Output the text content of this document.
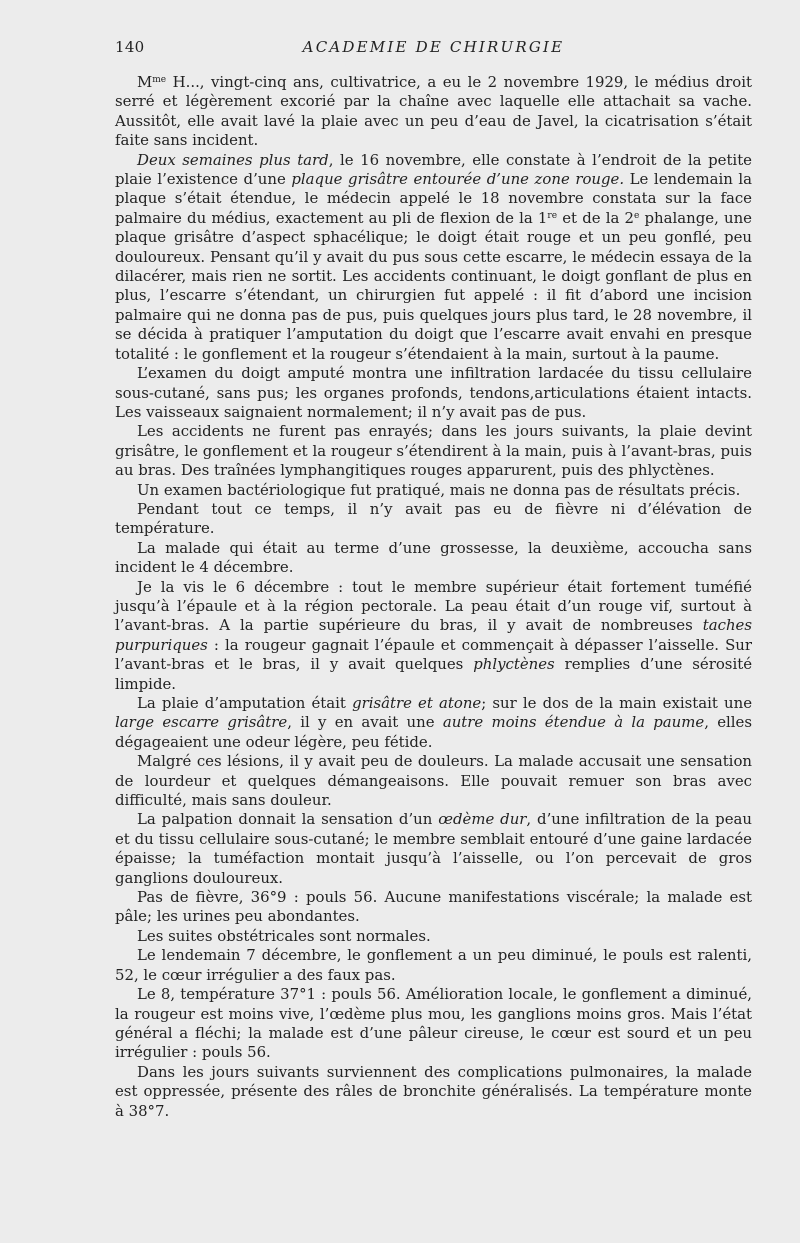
140	ACADEMIE DE CHIRURGIE

$M^{me}$ H..., vingt-cinq ans, cultivatrice, a eu le 2 novembre 1929, le médius droit serré et légèrement excorié par la chaîne avec laquelle elle attachait sa vache. Aussitôt, elle avait lavé la plaie avec un peu d’eau de Javel, la cicatrisation s’était faite sans incident.

Deux semaines plus tard, le 16 novembre, elle constate à l’endroit de la petite plaie l’existence d’une plaque grisâtre entourée d’une zone rouge. Le lendemain la plaque s’était étendue, le médecin appelé le 18 novembre constata sur la face palmaire du médius, exactement au pli de flexion de la 1re et de la 2e phalange, une plaque grisâtre d’aspect sphacélique; le doigt était rouge et un peu gonflé, peu douloureux. Pensant qu’il y avait du pus sous cette escarre, le médecin essaya de la dilacérer, mais rien ne sortit. Les accidents continuant, le doigt gonflant de plus en plus, l’escarre s’étendant, un chirurgien fut appelé : il fit d’abord une incision palmaire qui ne donna pas de pus, puis quelques jours plus tard, le 28 novembre, il se décida à pratiquer l’amputation du doigt que l’escarre avait envahi en presque totalité : le gonflement et la rougeur s’étendaient à la main, surtout à la paume.

L’examen du doigt amputé montra une infiltration lardacée du tissu cellulaire sous-cutané, sans pus; les organes profonds, tendons,articulations étaient intacts. Les vaisseaux saignaient normalement; il n’y avait pas de pus.

Les accidents ne furent pas enrayés; dans les jours suivants, la plaie devint grisâtre, le gonflement et la rougeur s’étendirent à la main, puis à l’avant-bras, puis au bras. Des traînées lymphangitiques rouges apparurent, puis des phlyctènes.

Un examen bactériologique fut pratiqué, mais ne donna pas de résultats précis.

Pendant tout ce temps, il n’y avait pas eu de fièvre ni d’élévation de température.

La malade qui était au terme d’une grossesse, la deuxième, accoucha sans incident le 4 décembre.

Je la vis le 6 décembre : tout le membre supérieur était fortement tuméfié jusqu’à l’épaule et à la région pectorale. La peau était d’un rouge vif, surtout à l’avant-bras. A la partie supérieure du bras, il y avait de nombreuses taches purpuriques : la rougeur gagnait l’épaule et commençait à dépasser l’aisselle. Sur l’avant-bras et le bras, il y avait quelques phlyctènes remplies d’une sérosité limpide.

La plaie d’amputation était grisâtre et atone; sur le dos de la main existait une large escarre grisâtre, il y en avait une autre moins étendue à la paume, elles dégageaient une odeur légère, peu fétide.

Malgré ces lésions, il y avait peu de douleurs. La malade accusait une sensation de lourdeur et quelques démangeaisons. Elle pouvait remuer son bras avec difficulté, mais sans douleur.

La palpation donnait la sensation d’un œdème dur, d’une infiltration de la peau et du tissu cellulaire sous-cutané; le membre semblait entouré d’une gaine lardacée épaisse; la tuméfaction montait jusqu’à l’aisselle, ou l’on percevait de gros ganglions douloureux.

Pas de fièvre, 36°9 : pouls 56. Aucune manifestations viscérale; la malade est pâle; les urines peu abondantes.

Les suites obstétricales sont normales.

Le lendemain 7 décembre, le gonflement a un peu diminué, le pouls est ralenti, 52, le cœur irrégulier a des faux pas.

Le 8, température 37°1 : pouls 56. Amélioration locale, le gonflement a diminué, la rougeur est moins vive, l’œdème plus mou, les ganglions moins gros. Mais l’état général a fléchi; la malade est d’une pâleur cireuse, le cœur est sourd et un peu irrégulier : pouls 56.

Dans les jours suivants surviennent des complications pulmonaires, la malade est oppressée, présente des râles de bronchite généralisés. La température monte à 38°7.
